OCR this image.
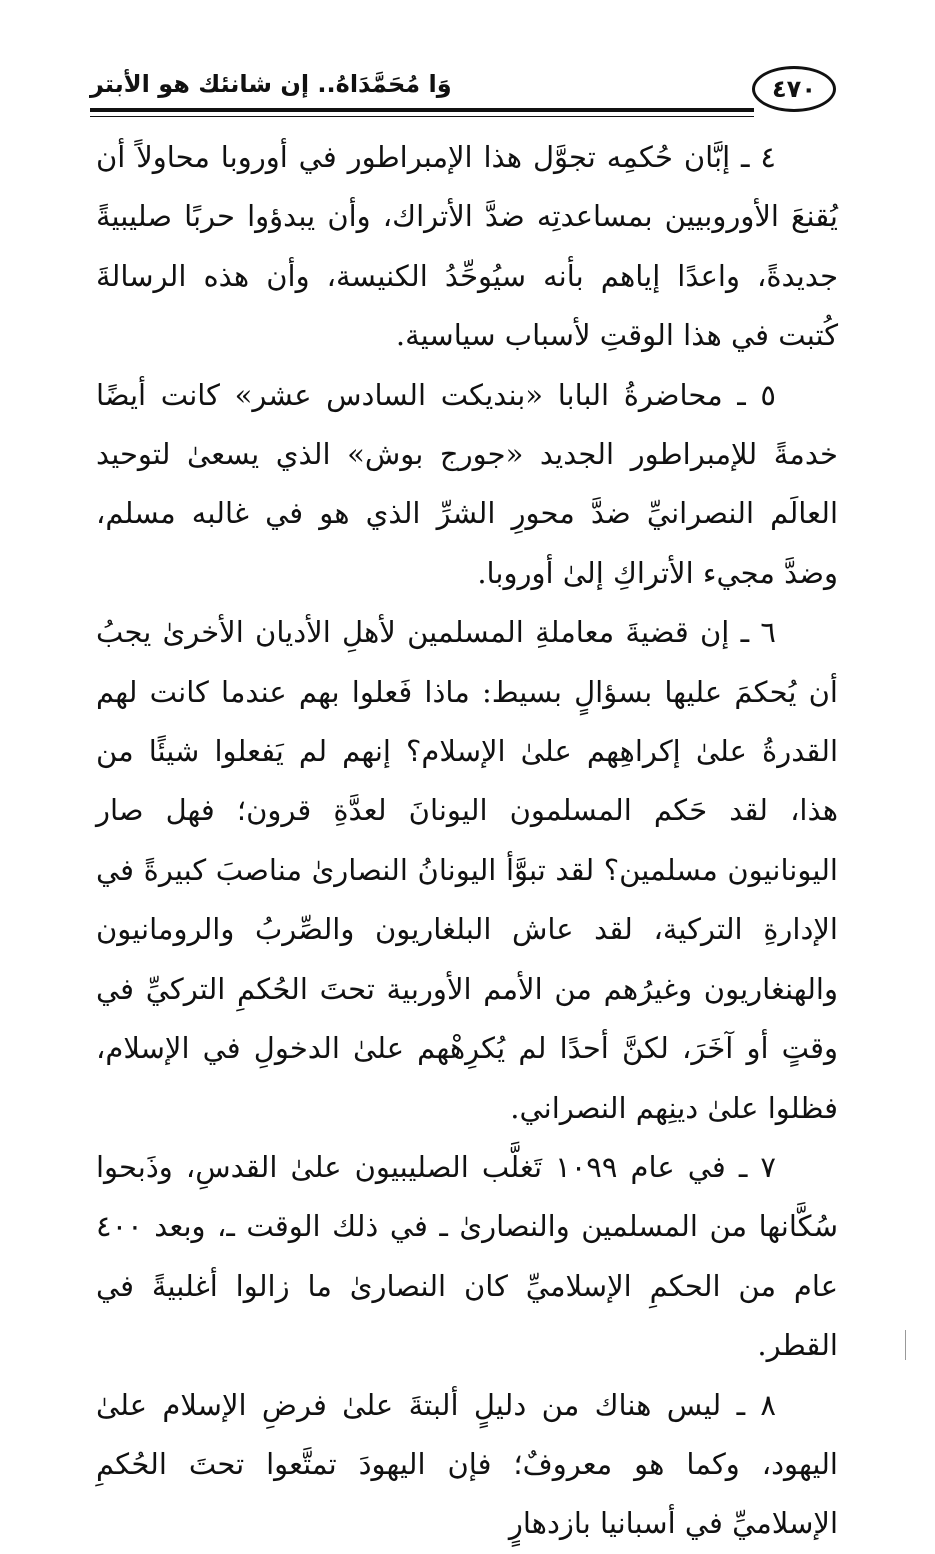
٤٧٠
وَا مُحَمَّدَاهُ.. إن شانئك هو الأبتر

٤ ـ إبَّان حُكمِه تجوَّل هذا الإمبراطور في أوروبا محاولاً أن يُقنعَ الأوروبيين بمساعدتِه ضدَّ الأتراك، وأن يبدؤوا حربًا صليبيةً جديدةً، واعدًا إياهم بأنه سيُوحِّدُ الكنيسة، وأن هذه الرسالةَ كُتبت في هذا الوقتِ لأسباب سياسية.

٥ ـ محاضرةُ البابا «بنديكت السادس عشر» كانت أيضًا خدمةً للإمبراطور الجديد «جورج بوش» الذي يسعىٰ لتوحيد العالَم النصرانيِّ ضدَّ محورِ الشرِّ الذي هو في غالبه مسلم، وضدَّ مجيء الأتراكِ إلىٰ أوروبا.

٦ ـ إن قضيةَ معاملةِ المسلمين لأهلِ الأديان الأخرىٰ يجبُ أن يُحكمَ عليها بسؤالٍ بسيط: ماذا فَعلوا بهم عندما كانت لهم القدرةُ علىٰ إكراهِهم علىٰ الإسلام؟ إنهم لم يَفعلوا شيئًا من هذا، لقد حَكم المسلمون اليونانَ لعدَّةِ قرون؛ فهل صار اليونانيون مسلمين؟ لقد تبوَّأ اليونانُ النصارىٰ مناصبَ كبيرةً في الإدارةِ التركية، لقد عاش البلغاريون والصِّربُ والرومانيون والهنغاريون وغيرُهم من الأمم الأوربية تحتَ الحُكمِ التركيِّ في وقتٍ أو آخَرَ، لكنَّ أحدًا لم يُكرِهْهم علىٰ الدخولِ في الإسلام، فظلوا علىٰ دينِهم النصراني.

٧ ـ في عام ١٠٩٩ تَغلَّب الصليبيون علىٰ القدسِ، وذَبحوا سُكَّانها من المسلمين والنصارىٰ ـ في ذلك الوقت ـ، وبعد ٤٠٠ عام من الحكمِ الإسلاميِّ كان النصارىٰ ما زالوا أغلبيةً في القطر.

٨ ـ ليس هناك من دليلٍ ألبتةَ علىٰ فرضِ الإسلام علىٰ اليهود، وكما هو معروفٌ؛ فإن اليهودَ تمتَّعوا تحتَ الحُكمِ الإسلاميِّ في أسبانيا بازدهارٍ
